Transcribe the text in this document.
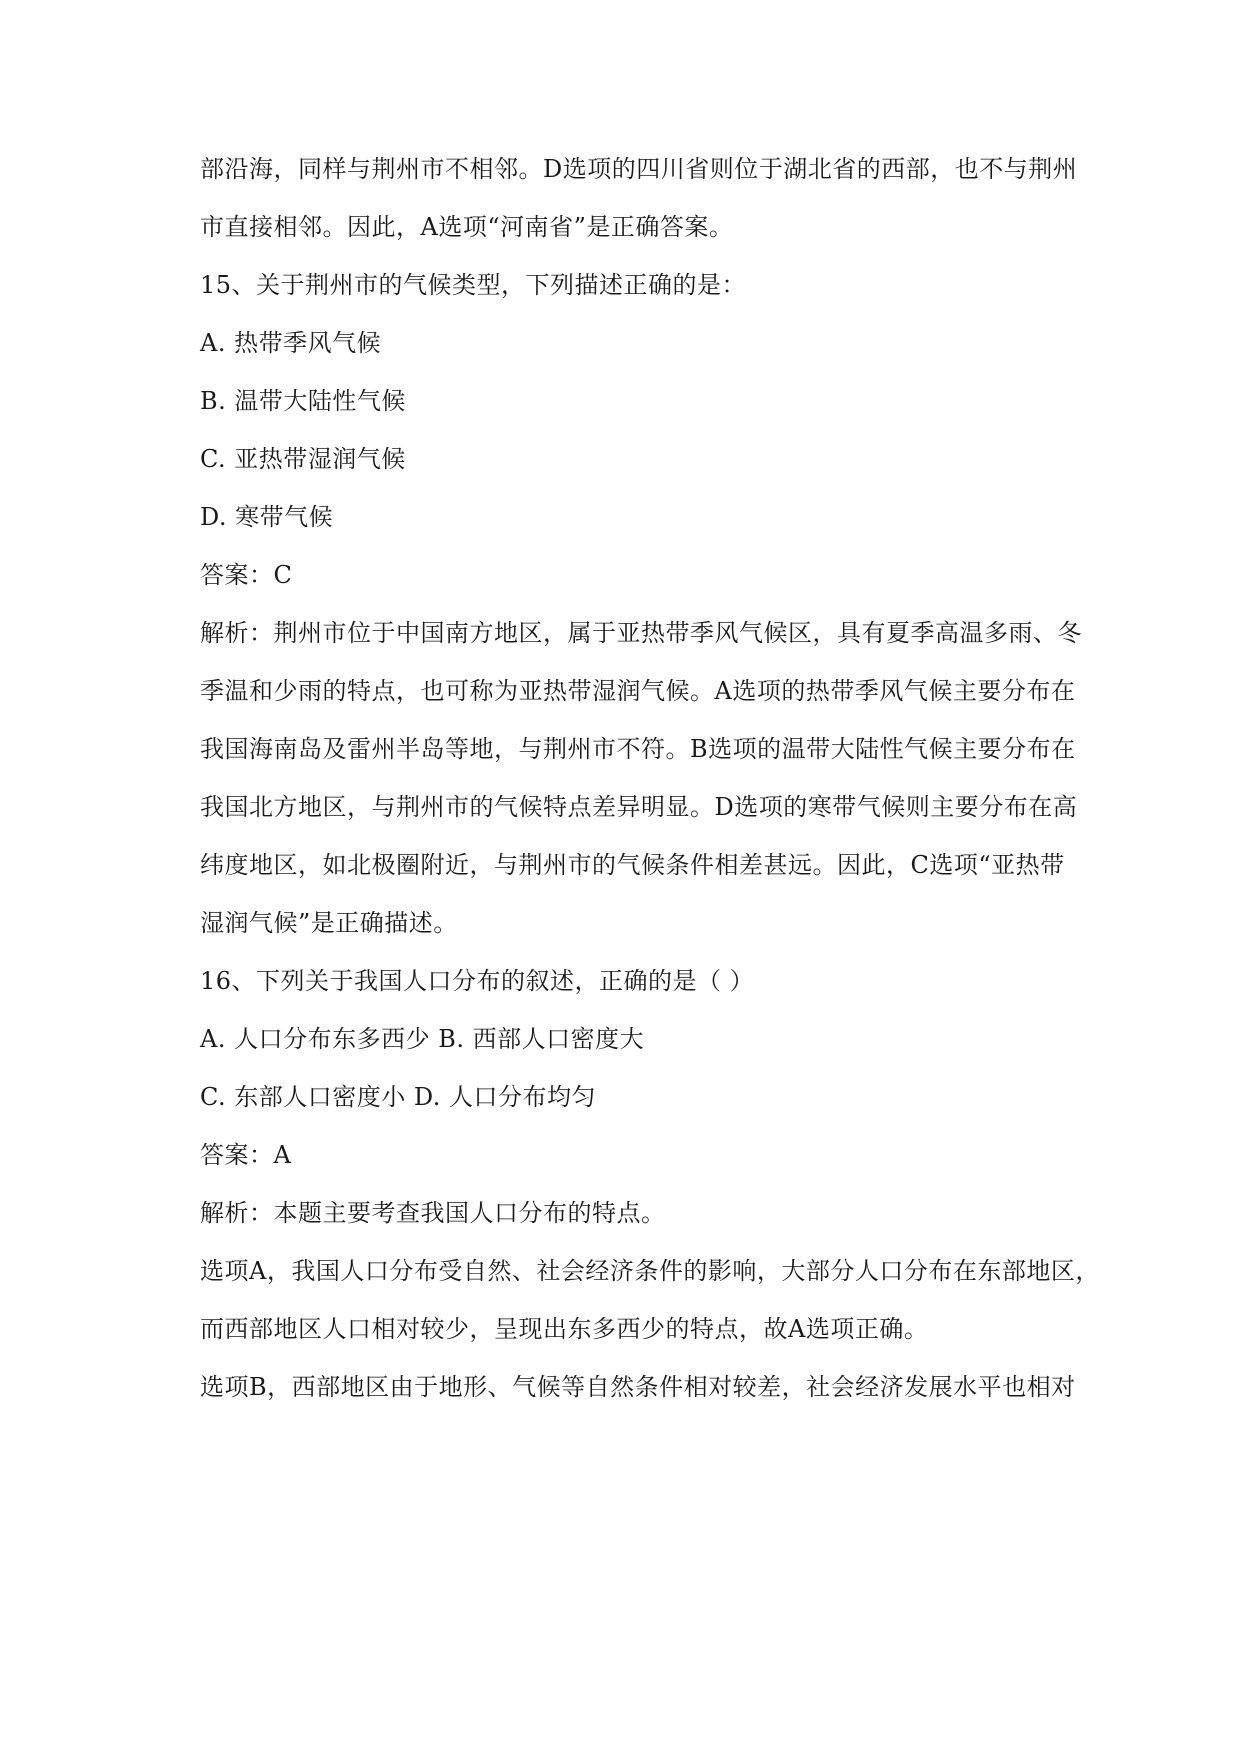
部沿海，同样与荆州市不相邻。D选项的四川省则位于湖北省的西部，也不与荆州
市直接相邻。因此，A选项“河南省”是正确答案。
15、关于荆州市的气候类型，下列描述正确的是：
A. 热带季风气候
B. 温带大陆性气候
C. 亚热带湿润气候
D. 寒带气候
答案：C
解析：荆州市位于中国南方地区，属于亚热带季风气候区，具有夏季高温多雨、冬
季温和少雨的特点，也可称为亚热带湿润气候。A选项的热带季风气候主要分布在
我国海南岛及雷州半岛等地，与荆州市不符。B选项的温带大陆性气候主要分布在
我国北方地区，与荆州市的气候特点差异明显。D选项的寒带气候则主要分布在高
纬度地区，如北极圈附近，与荆州市的气候条件相差甚远。因此，C选项“亚热带
湿润气候”是正确描述。
16、下列关于我国人口分布的叙述，正确的是（ ）
A. 人口分布东多西少 B. 西部人口密度大
C. 东部人口密度小 D. 人口分布均匀
答案：A
解析：本题主要考查我国人口分布的特点。
选项A，我国人口分布受自然、社会经济条件的影响，大部分人口分布在东部地区，
而西部地区人口相对较少，呈现出东多西少的特点，故A选项正确。
选项B，西部地区由于地形、气候等自然条件相对较差，社会经济发展水平也相对
